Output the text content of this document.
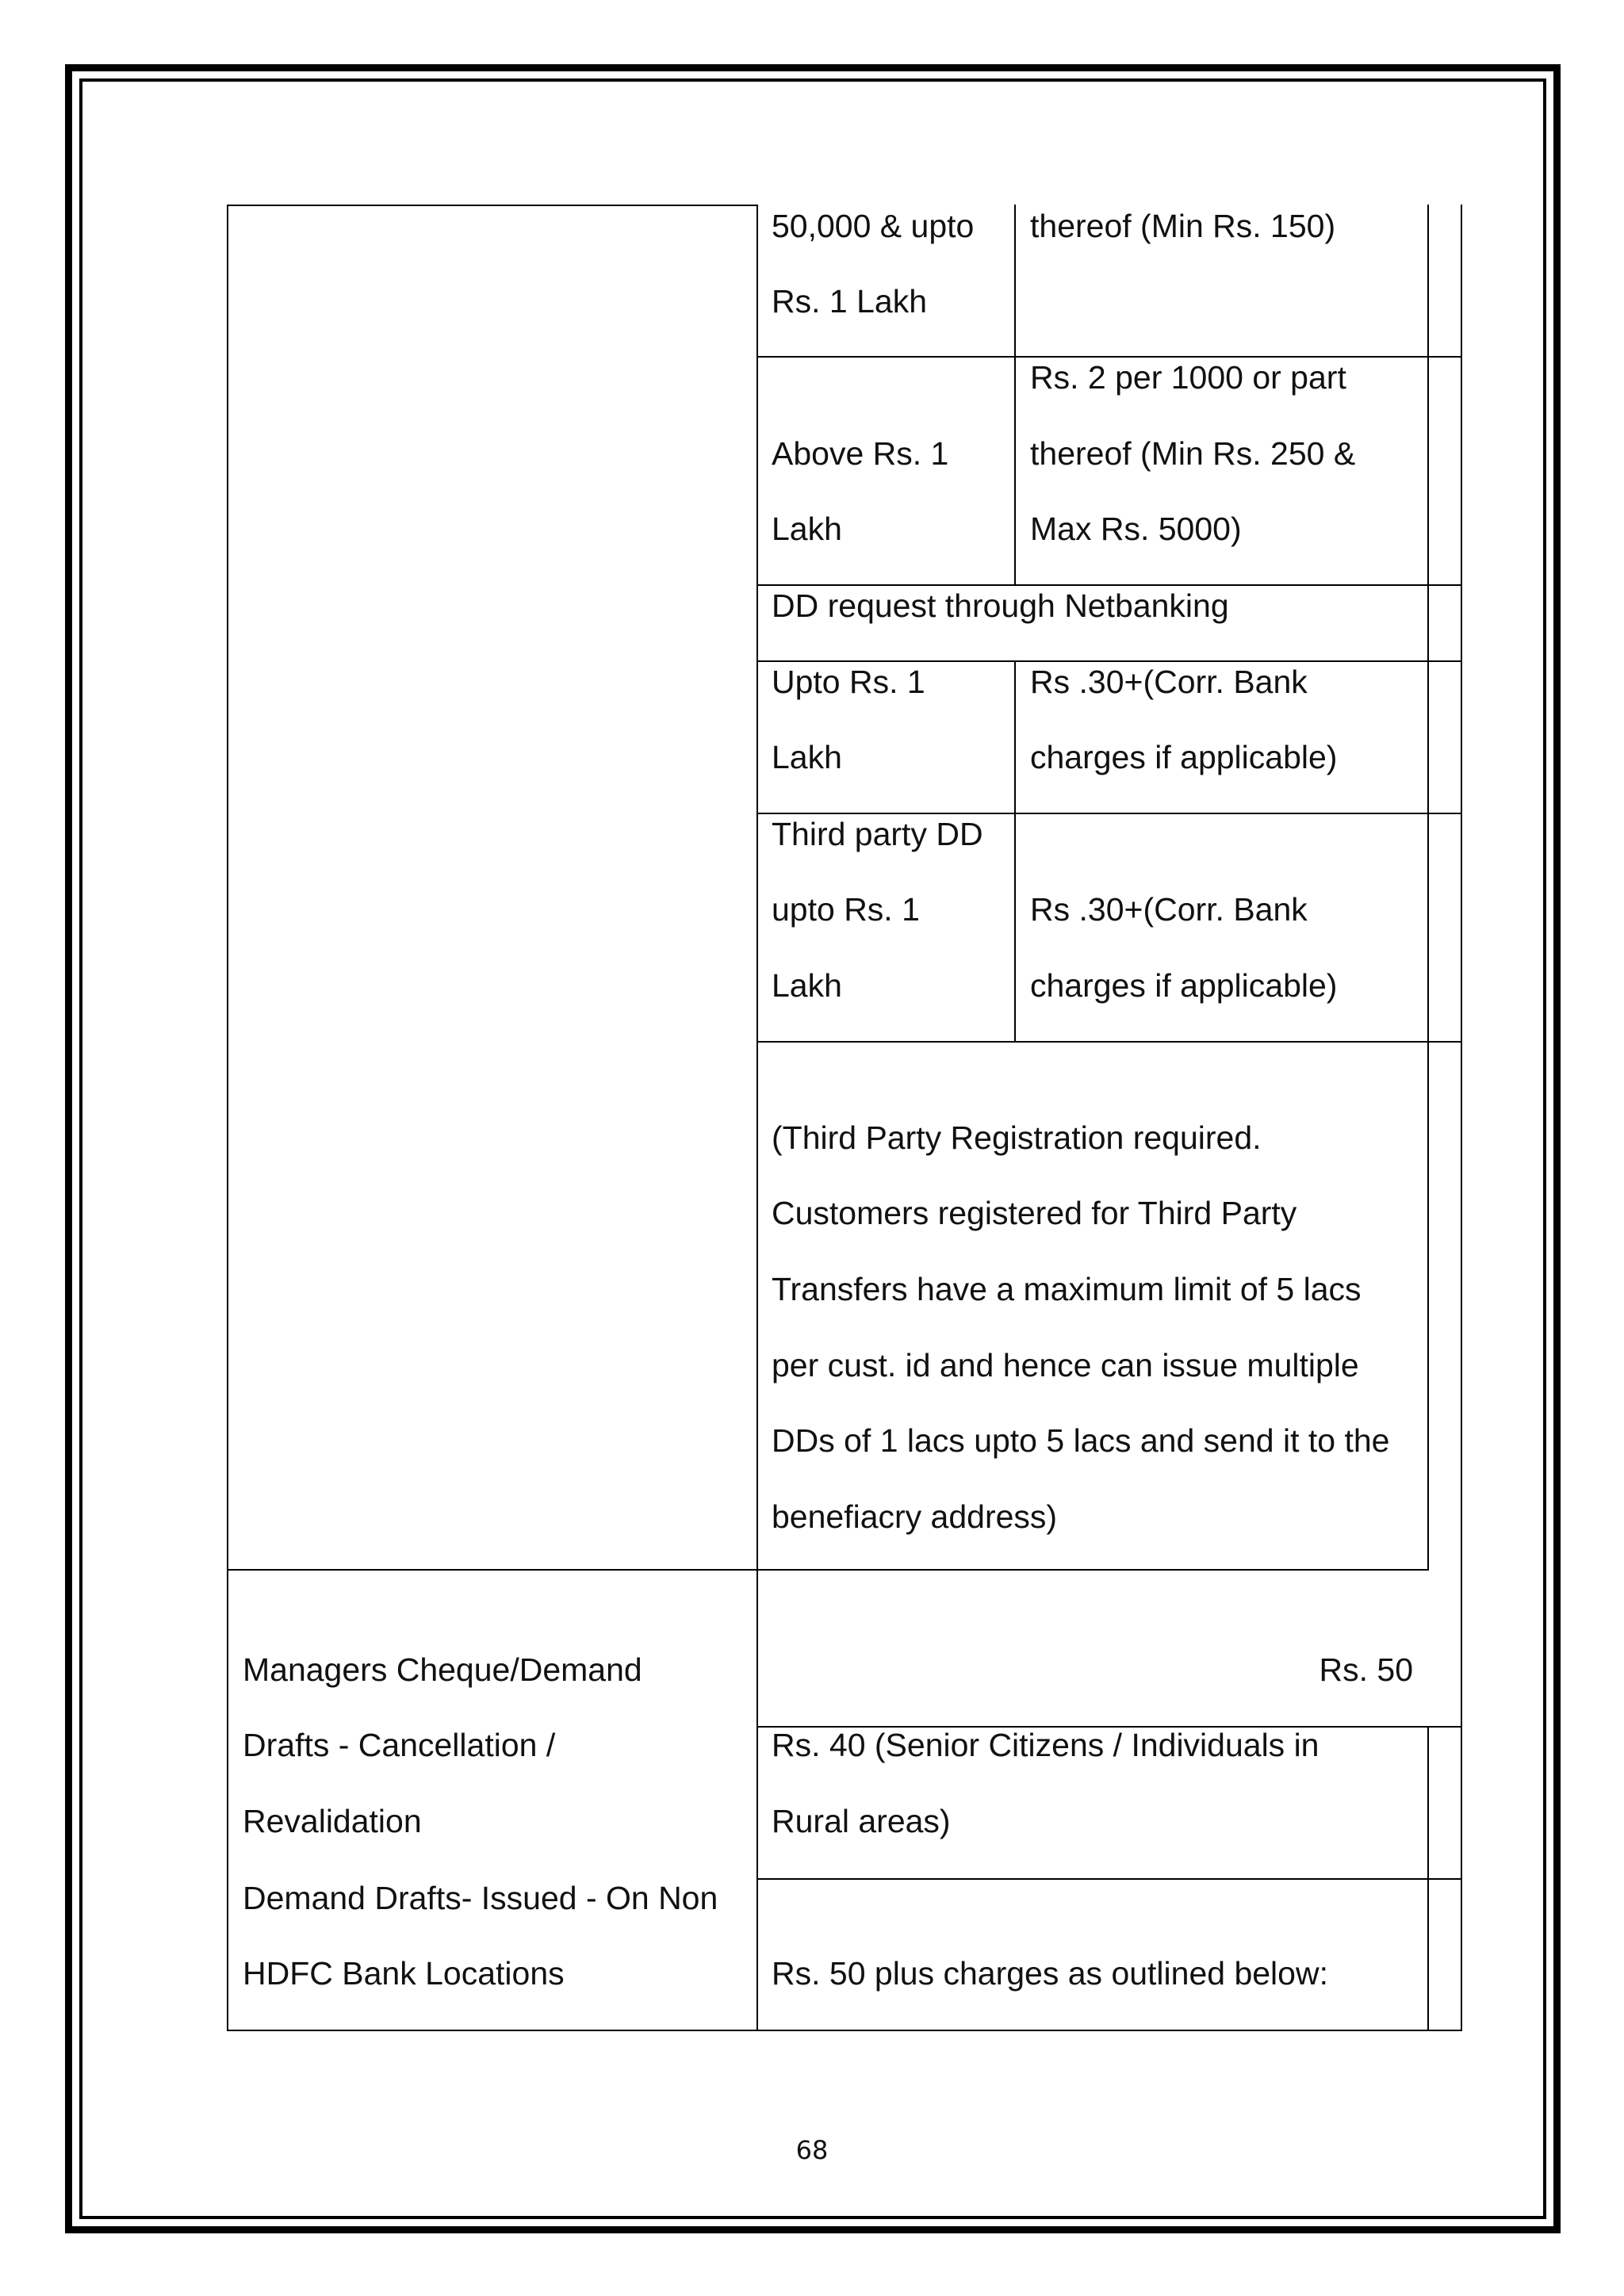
50,000 & upto
Rs. 1 Lakh
thereof (Min Rs. 150)
Above Rs. 1
Lakh
Rs. 2 per 1000 or part
thereof (Min Rs. 250 &
Max Rs. 5000)
DD request through Netbanking
Upto Rs. 1
Lakh
Rs .30+(Corr. Bank
charges if applicable)
Third party DD
upto Rs. 1
Lakh
Rs .30+(Corr. Bank
charges if applicable)
(Third Party Registration required.
Customers registered for Third Party
Transfers have a maximum limit of 5 lacs
per cust. id and hence can issue multiple
DDs of 1 lacs upto 5 lacs and send it to the
benefiacry address)
Managers Cheque/Demand
Drafts - Cancellation /
Revalidation
Rs. 50
Rs. 40 (Senior Citizens / Individuals in
Rural areas)
Demand Drafts- Issued - On Non
HDFC Bank Locations	Rs. 50 plus charges as outlined below:
68
